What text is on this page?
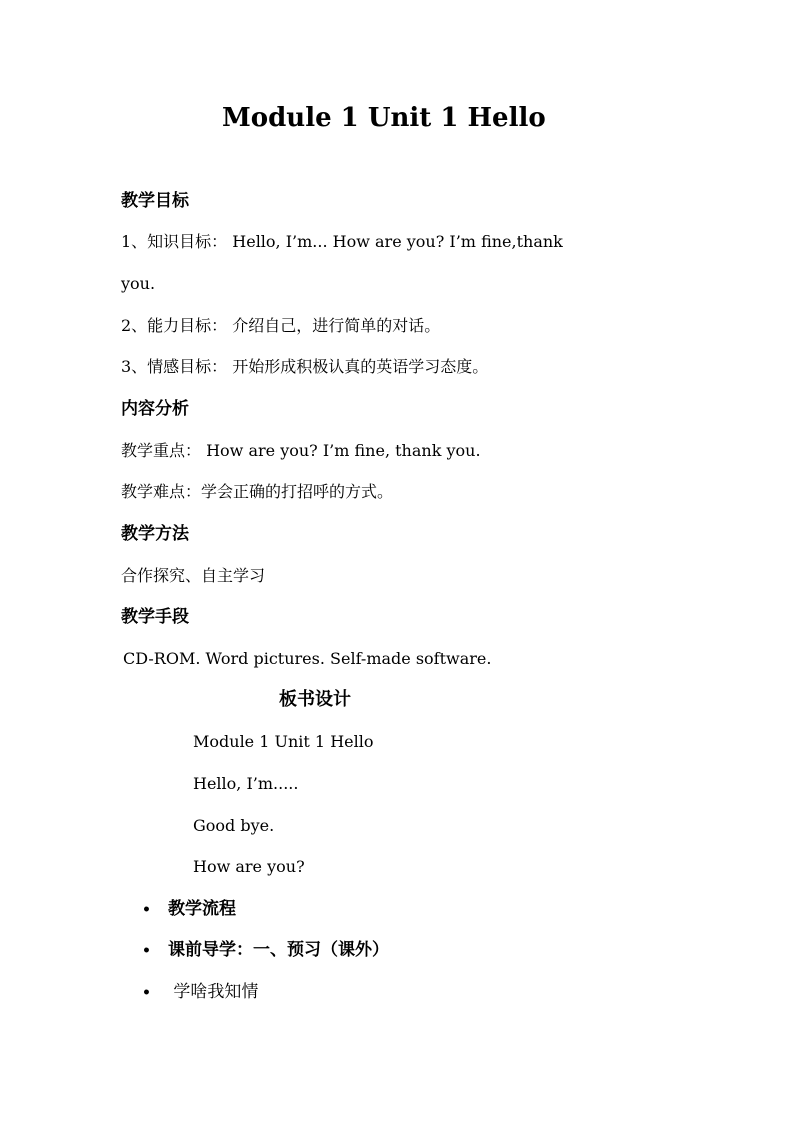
Module 1 Unit 1 Hello
教学目标
1、知识目标： Hello, I’m... How are you? I’m fine,thank
you.
2、能力目标： 介绍自己，进行简单的对话。
3、情感目标： 开始形成积极认真的英语学习态度。
内容分析
教学重点： How are you? I’m fine, thank you.
教学难点：学会正确的打招呼的方式。
教学方法
合作探究、自主学习
教学手段
CD-ROM. Word pictures. Self-made software.
板书设计
Module 1 Unit 1 Hello
Hello, I’m.....
Good bye.
How are you?
• 教学流程
• 课前导学：一、预习（课外）
• 学啥我知情
